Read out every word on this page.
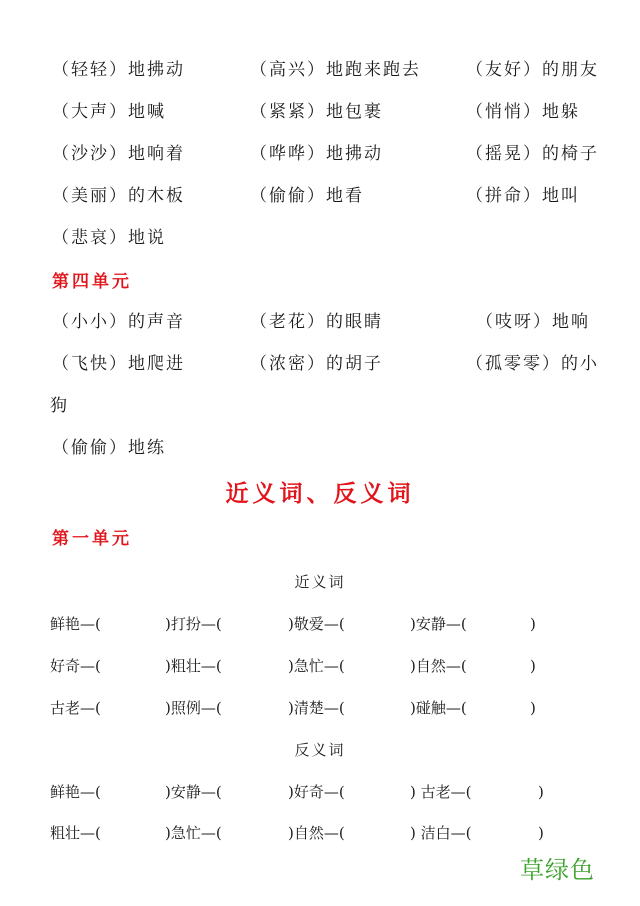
（轻轻）地拂动	（高兴）地跑来跑去	（友好）的朋友
（大声）地喊	（紧紧）地包裹	（悄悄）地躲
（沙沙）地响着	（哗哗）地拂动	（摇晃）的椅子
（美丽）的木板	（偷偷）地看	（拼命）地叫
（悲哀）地说
第四单元
（小小）的声音	（老花）的眼睛	（吱呀）地响
（飞快）地爬进	（浓密）的胡子	（孤零零）的小
狗
（偷偷）地练
近义词、反义词
第一单元
近义词
鲜艳—(	)打扮—(	)敬爱—(	)安静—(	)
好奇—(	)粗壮—(	)急忙—(	)自然—(	)
古老—(	)照例—(	)清楚—(	)碰触—(	)
反义词
鲜艳—(	)安静—(	)好奇—(	) 古老—(	)
粗壮—(	)急忙—(	)自然—(	) 洁白—(	)
草绿色
